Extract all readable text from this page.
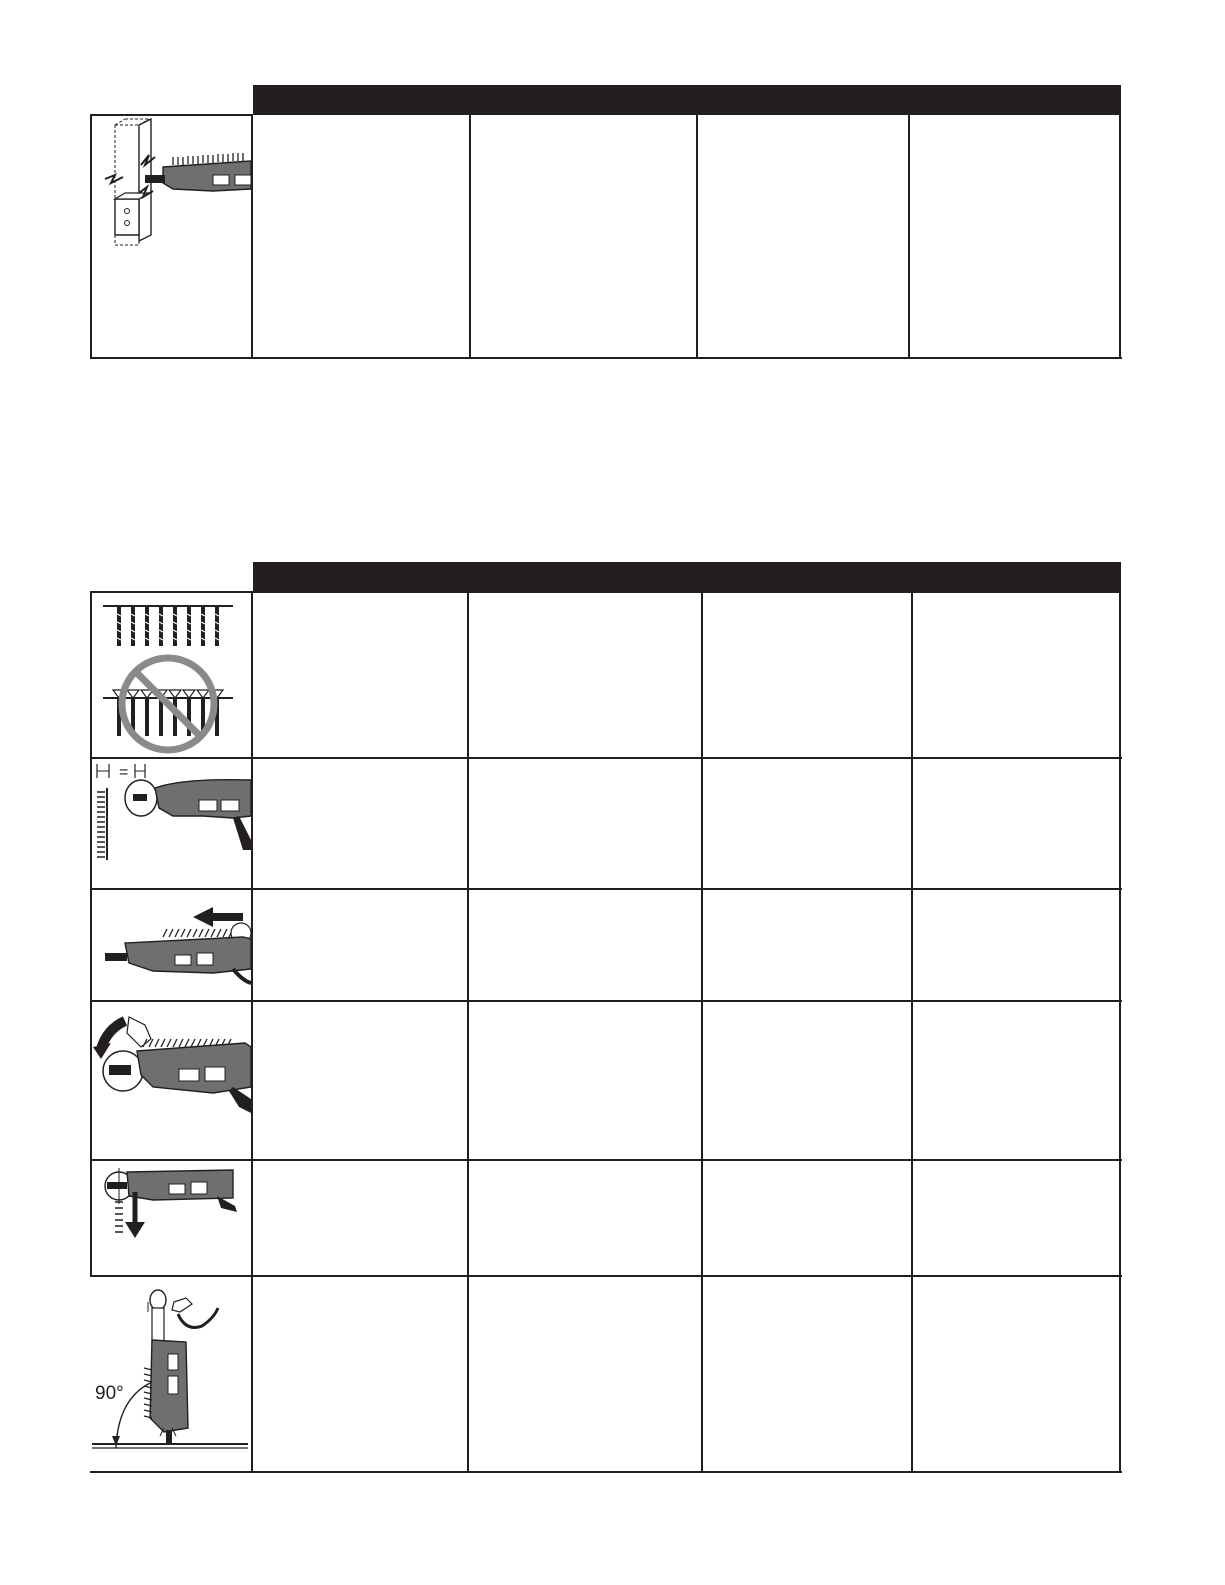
=
90°
